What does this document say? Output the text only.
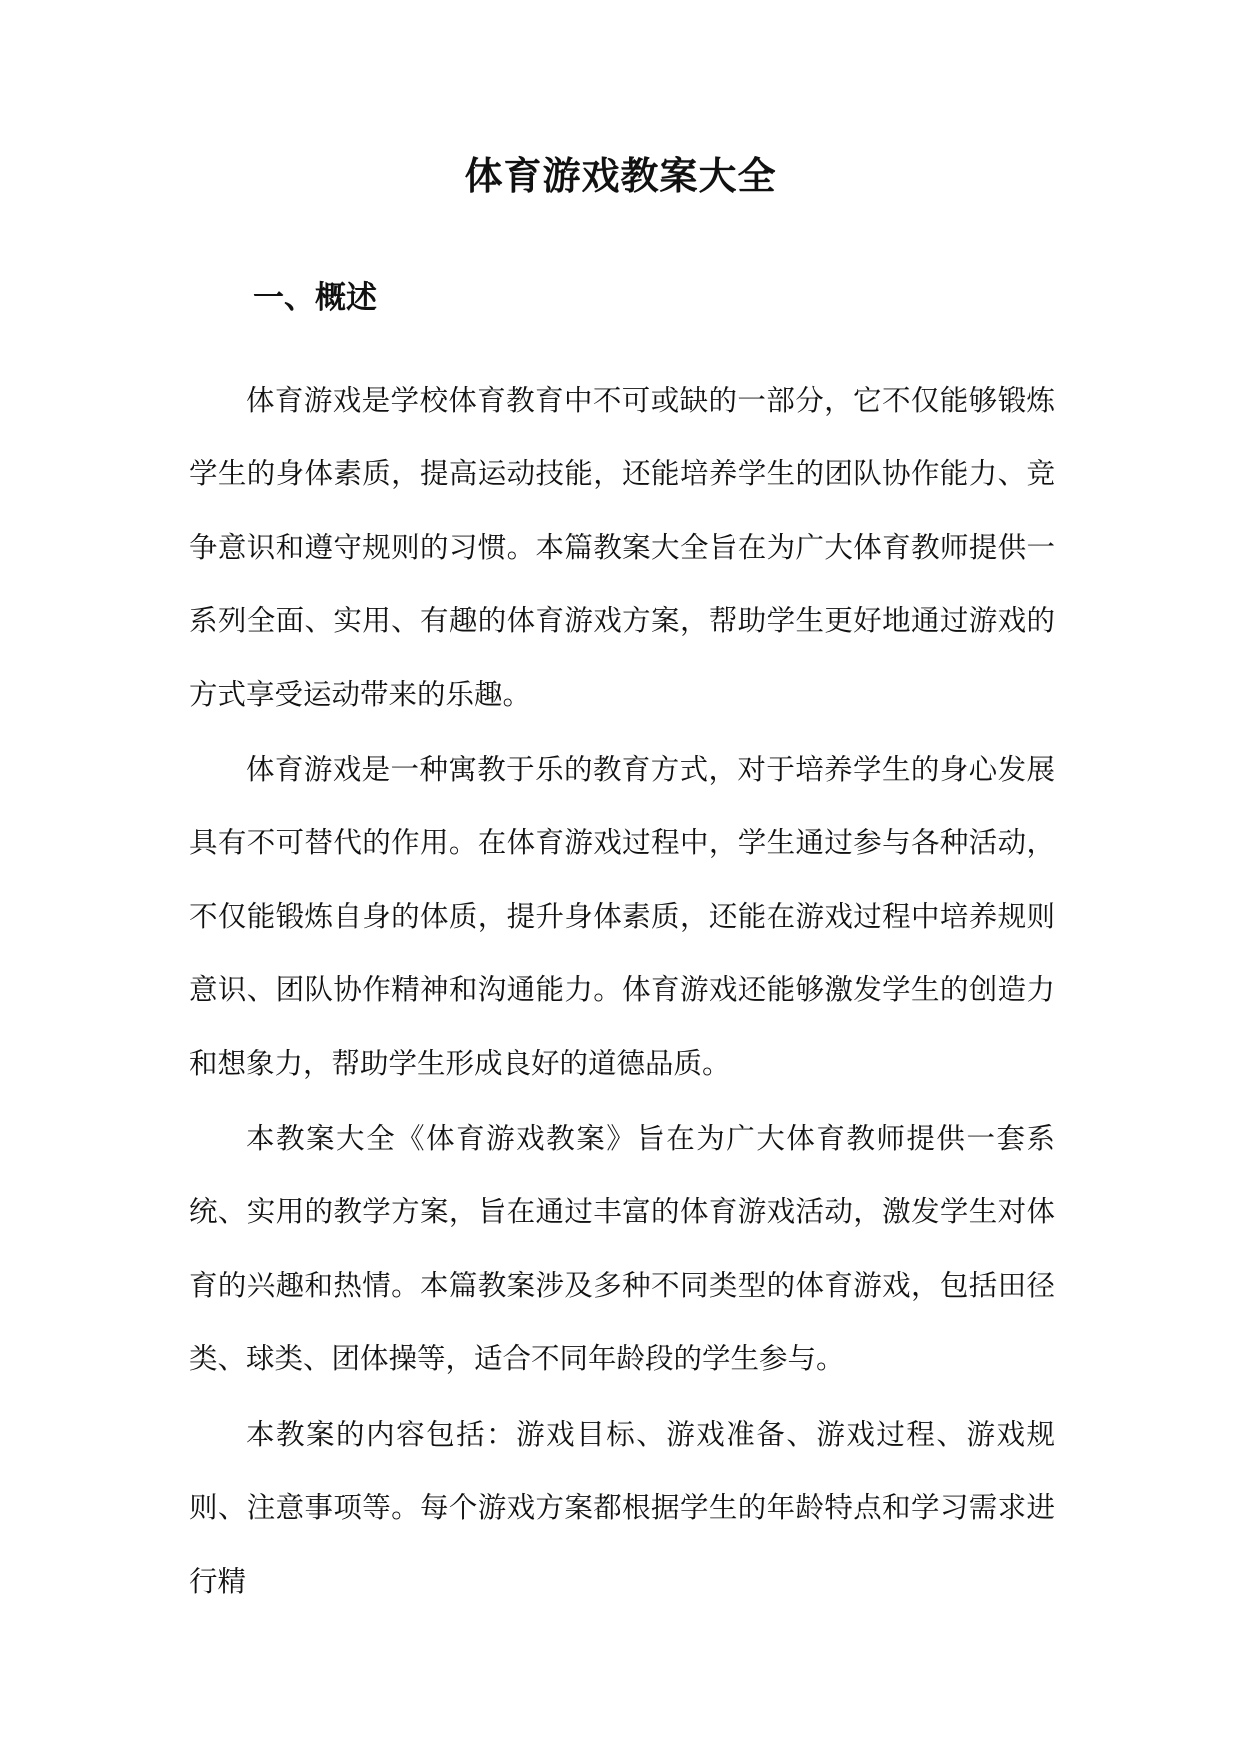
体育游戏教案大全
一、概述

体育游戏是学校体育教育中不可或缺的一部分，它不仅能够锻炼学生的身体素质，提高运动技能，还能培养学生的团队协作能力、竞争意识和遵守规则的习惯。本篇教案大全旨在为广大体育教师提供一系列全面、实用、有趣的体育游戏方案，帮助学生更好地通过游戏的方式享受运动带来的乐趣。

体育游戏是一种寓教于乐的教育方式，对于培养学生的身心发展具有不可替代的作用。在体育游戏过程中，学生通过参与各种活动，不仅能锻炼自身的体质，提升身体素质，还能在游戏过程中培养规则意识、团队协作精神和沟通能力。体育游戏还能够激发学生的创造力和想象力，帮助学生形成良好的道德品质。

本教案大全《体育游戏教案》旨在为广大体育教师提供一套系统、实用的教学方案，旨在通过丰富的体育游戏活动，激发学生对体育的兴趣和热情。本篇教案涉及多种不同类型的体育游戏，包括田径类、球类、团体操等，适合不同年龄段的学生参与。

本教案的内容包括：游戏目标、游戏准备、游戏过程、游戏规则、注意事项等。每个游戏方案都根据学生的年龄特点和学习需求进行精
